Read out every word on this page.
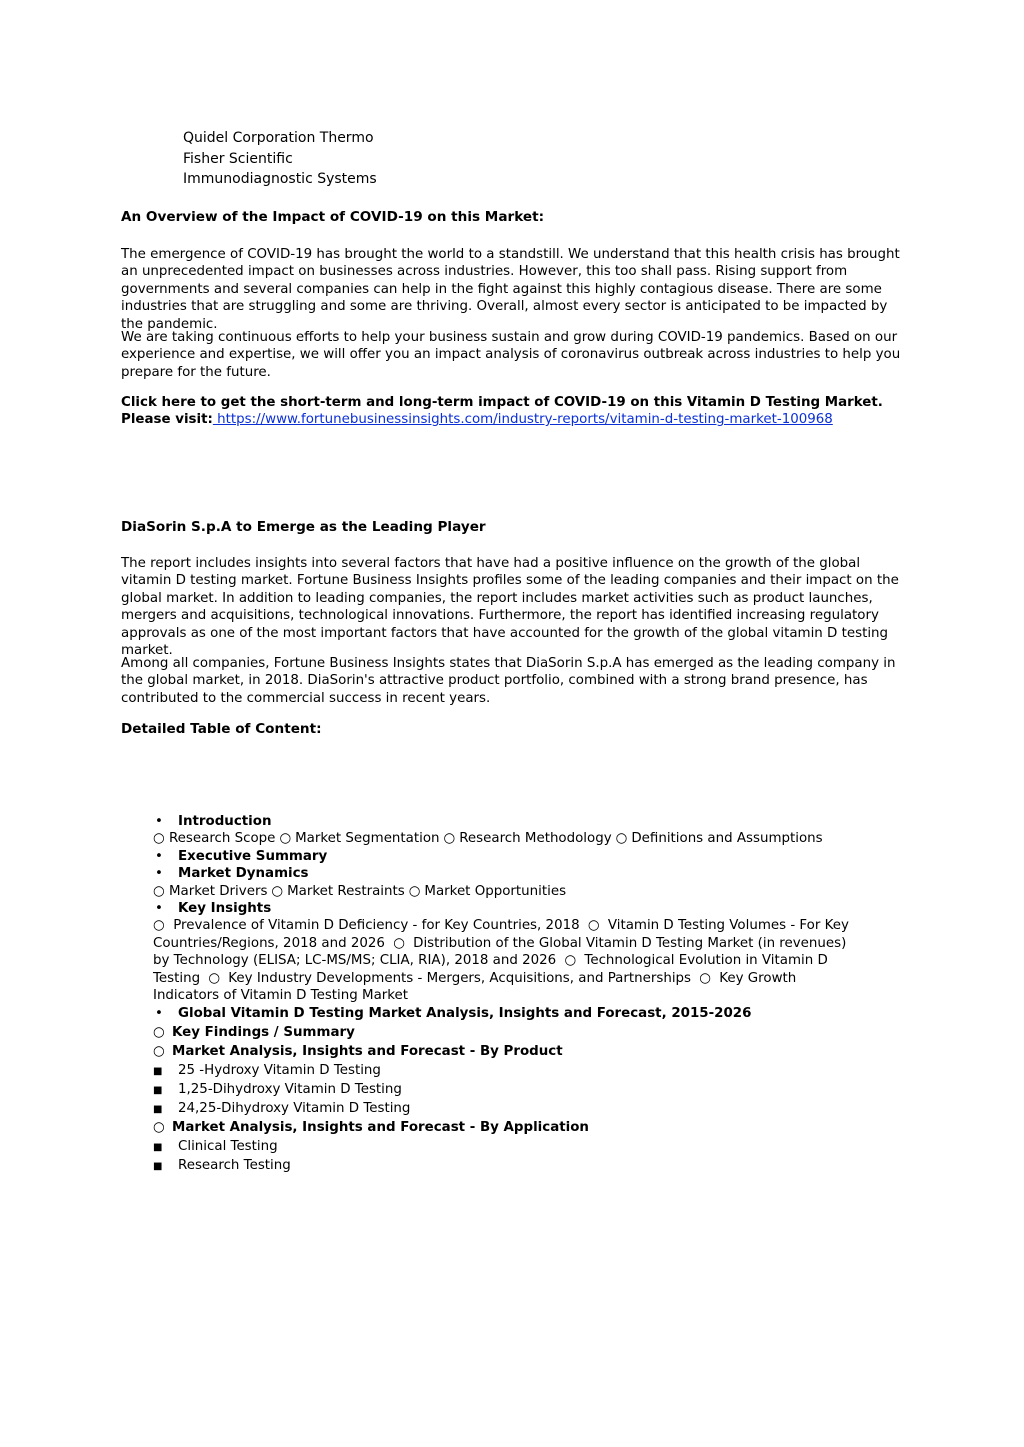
Quidel Corporation Thermo
Fisher Scientific
Immunodiagnostic Systems
An Overview of the Impact of COVID-19 on this Market:

The emergence of COVID-19 has brought the world to a standstill. We understand that this health crisis has brought an unprecedented impact on businesses across industries. However, this too shall pass. Rising support from governments and several companies can help in the fight against this highly contagious disease. There are some industries that are struggling and some are thriving. Overall, almost every sector is anticipated to be impacted by the pandemic.

We are taking continuous efforts to help your business sustain and grow during COVID-19 pandemics. Based on our experience and expertise, we will offer you an impact analysis of coronavirus outbreak across industries to help you prepare for the future.

Click here to get the short-term and long-term impact of COVID-19 on this Vitamin D Testing Market.
Please visit: https://www.fortunebusinessinsights.com/industry-reports/vitamin-d-testing-market-100968
DiaSorin S.p.A to Emerge as the Leading Player

The report includes insights into several factors that have had a positive influence on the growth of the global vitamin D testing market. Fortune Business Insights profiles some of the leading companies and their impact on the global market. In addition to leading companies, the report includes market activities such as product launches, mergers and acquisitions, technological innovations. Furthermore, the report has identified increasing regulatory approvals as one of the most important factors that have accounted for the growth of the global vitamin D testing market.

Among all companies, Fortune Business Insights states that DiaSorin S.p.A has emerged as the leading company in the global market, in 2018. DiaSorin's attractive product portfolio, combined with a strong brand presence, has contributed to the commercial success in recent years.

Detailed Table of Content:
•	Introduction
○
Research Scope ○ Market Segmentation ○ Research Methodology ○ Definitions and Assumptions
•	Executive Summary
•	Market Dynamics
○
Market Drivers ○ Market Restraints ○ Market Opportunities
•	Key Insights
○ Prevalence of Vitamin D Deficiency - for Key Countries, 2018 ○ Vitamin D Testing Volumes - For Key Countries/Regions, 2018 and 2026 ○ Distribution of the Global Vitamin D Testing Market (in revenues) by Technology (ELISA; LC-MS/MS; CLIA, RIA), 2018 and 2026 ○ Technological Evolution in Vitamin D Testing ○ Key Industry Developments - Mergers, Acquisitions, and Partnerships ○ Key Growth Indicators of Vitamin D Testing Market
•	Global Vitamin D Testing Market Analysis, Insights and Forecast, 2015-2026
○ Key Findings / Summary
○ Market Analysis, Insights and Forecast - By Product
■	25 -Hydroxy Vitamin D Testing
■	1,25-Dihydroxy Vitamin D Testing
■	24,25-Dihydroxy Vitamin D Testing
○ Market Analysis, Insights and Forecast - By Application
■	Clinical Testing
■	Research Testing
